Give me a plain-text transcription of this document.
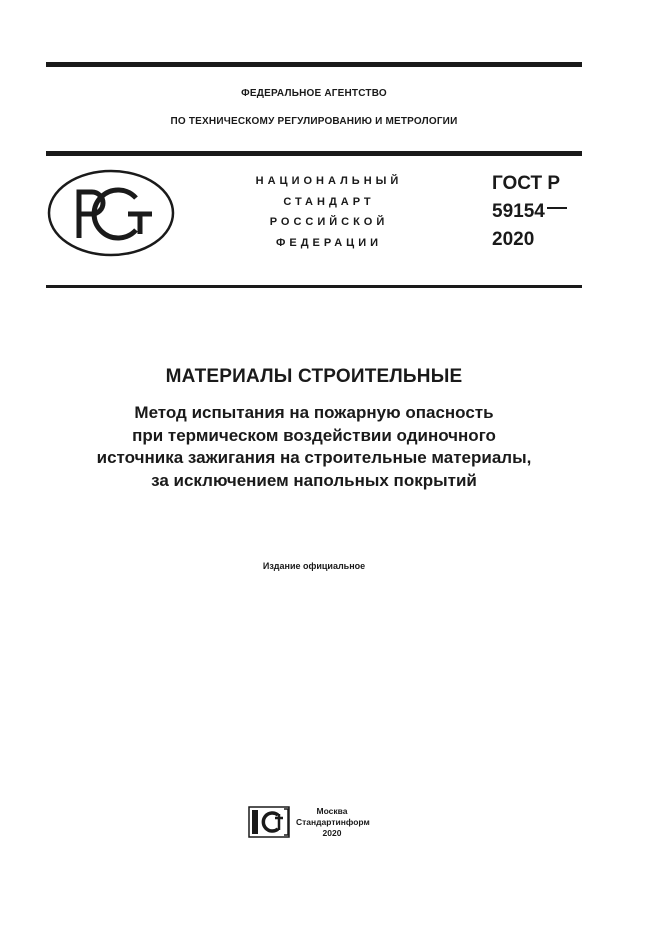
ФЕДЕРАЛЬНОЕ АГЕНТСТВО
ПО ТЕХНИЧЕСКОМУ РЕГУЛИРОВАНИЮ И МЕТРОЛОГИИ
НАЦИОНАЛЬНЫЙ
СТАНДАРТ
РОССИЙСКОЙ
ФЕДЕРАЦИИ
ГОСТ Р
59154
2020
МАТЕРИАЛЫ СТРОИТЕЛЬНЫЕ
Метод испытания на пожарную опасность
при термическом воздействии одиночного
источника зажигания на строительные материалы,
за исключением напольных покрытий
Издание официальное
Москва
Стандартинформ
2020
